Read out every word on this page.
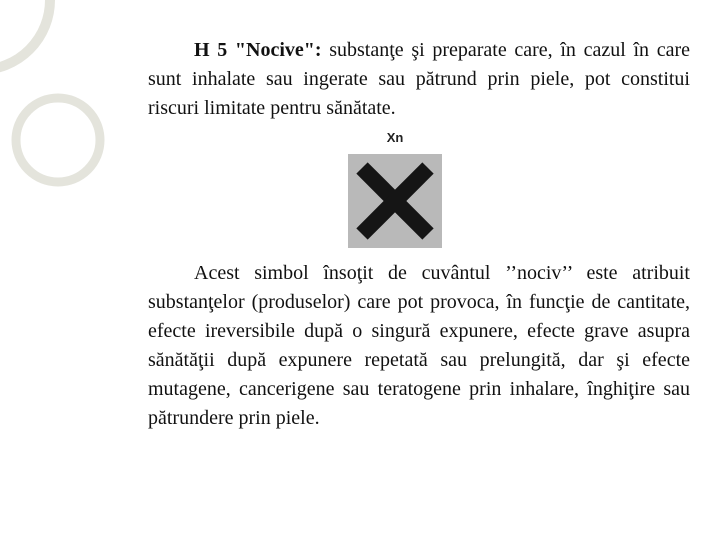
H 5 "Nocive": substanţe şi preparate care, în cazul în care sunt inhalate sau ingerate sau pătrund prin piele, pot constitui riscuri limitate pentru sănătate.
Xn
Acest simbol însoţit de cuvântul ’’nociv’’ este atribuit substanţelor (produselor) care pot provoca, în funcţie de cantitate, efecte ireversibile după o singură expunere, efecte grave asupra sănătăţii după expunere repetată sau prelungită, dar şi efecte mutagene, cancerigene sau teratogene prin inhalare, înghiţire sau pătrundere prin piele.
